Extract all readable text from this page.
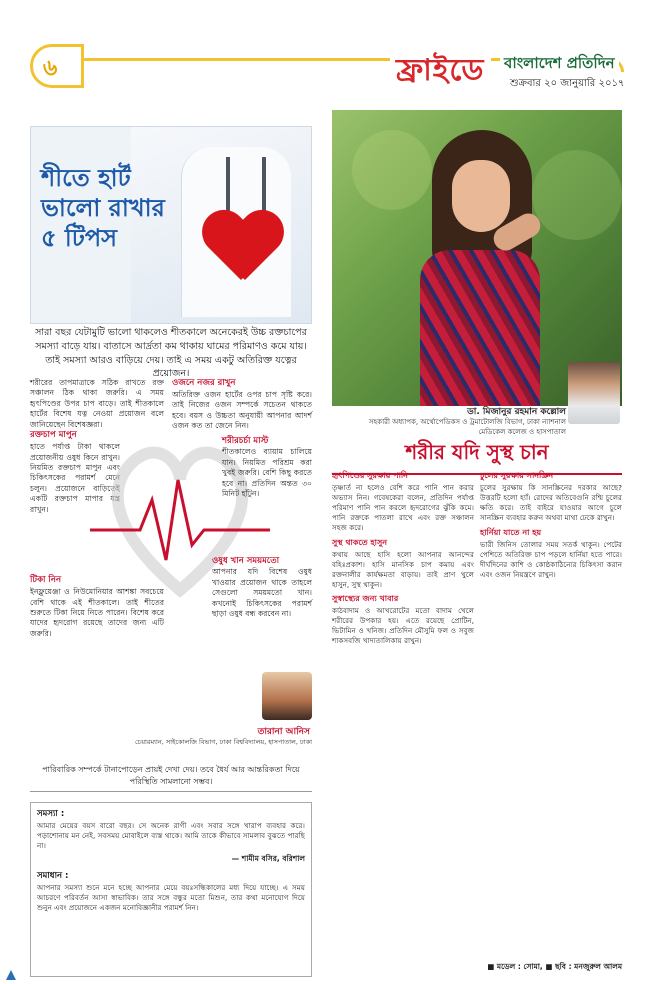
৬	ফ্রাইডে	বাংলাদেশ প্রতিদিন
শুক্রবার ২০ জানুয়ারি ২০১৭
শীতে হার্ট ভালো রাখার ৫ টিপস
সারা বছর যেটামুটি ভালো থাকলেও শীতকালে অনেকেরই উচ্চ রক্তচাপের সমস্যা বাড়ে যায়। বাতাসে আর্দ্রতা কম থাকায় ঘামের পরিমাণও কমে যায়। তাই সমস্যা আরও বাড়িয়ে দেয়। তাই এ সময় একটু অতিরিক্ত যত্নের প্রয়োজন।

শরীরের তাপমাত্রাকে সঠিক রাখতে রক্ত সঞ্চালন ঠিক থাকা জরুরি। এ সময় হৃৎপিণ্ডের উপর চাপ বাড়ে। তাই শীতকালে হার্টের বিশেষ যত্ন নেওয়া প্রয়োজন বলে জানিয়েছেন বিশেষজ্ঞরা।

রক্তচাপ মাপুন

হাতে পর্যাপ্ত টাকা থাকলে প্রয়োজনীয় ওষুধ কিনে রাখুন। নিয়মিত রক্তচাপ মাপুন এবং চিকিৎসকের পরামর্শ মেনে চলুন। প্রয়োজনে বাড়িতেই একটি রক্তচাপ মাপার যন্ত্র রাখুন।

টিকা নিন

ইনফ্লুয়েঞ্জা ও নিউমোনিয়ার আশঙ্কা সবচেয়ে বেশি থাকে এই শীতকালে। তাই শীতের শুরুতে টিকা নিয়ে নিতে পারেন। বিশেষ করে যাদের হৃদরোগ রয়েছে তাদের জন্য এটি জরুরি।

ওজনে নজর রাখুন

অতিরিক্ত ওজন হার্টের ওপর চাপ সৃষ্টি করে। তাই নিজের ওজন সম্পর্কে সচেতন থাকতে হবে। বয়স ও উচ্চতা অনুযায়ী আপনার আদর্শ ওজন কত তা জেনে নিন।

শরীরচর্চা মাস্ট

শীতকালেও ব্যায়াম চালিয়ে যান। নিয়মিত পরিশ্রম করা খুবই জরুরি। বেশি কিছু করতে হবে না। প্রতিদিন অন্তত ৩০ মিনিট হাঁটুন।

ওষুধ খান সময়মতো

আপনার যদি বিশেষ ওষুধ খাওয়ার প্রয়োজন থাকে তাহলে সেগুলো সময়মতো খান। কখনোই চিকিৎসকের পরামর্শ ছাড়া ওষুধ বন্ধ করবেন না।

তারানা আনিস
চেয়ারম্যান, সাইকোলজি বিভাগ, ঢাকা বিশ্ববিদ্যালয়, হাসপাতাল, ঢাকা
পারিবারিক সম্পর্কে টানাপোড়েন প্রায়ই দেখা দেয়। তবে ধৈর্য আর আন্তরিকতা দিয়ে পরিস্থিতি সামলানো সম্ভব।

সমস্যা :

আমার মেয়ের বয়স বারো বছর। সে অনেক রাগী এবং সবার সঙ্গে খারাপ ব্যবহার করে। পড়াশোনায় মন নেই, সবসময় মোবাইলে ব্যস্ত থাকে। আমি তাকে কীভাবে সামলাব বুঝতে পারছি না।

— শামীম বসির, বরিশাল

সমাধান :

আপনার সমস্যা শুনে মনে হচ্ছে আপনার মেয়ে বয়ঃসন্ধিকালের মধ্য দিয়ে যাচ্ছে। এ সময় আচরণে পরিবর্তন আসা স্বাভাবিক। তার সঙ্গে বন্ধুর মতো মিশুন, তার কথা মনোযোগ দিয়ে শুনুন এবং প্রয়োজনে একজন মনোবিজ্ঞানীর পরামর্শ নিন।

ডা. মিজানুর রহমান কল্লোল
সহকারী অধ্যাপক, অর্থোপেডিকস ও ট্রমাটোলজি বিভাগ, ঢাকা ন্যাশনাল মেডিকেল কলেজ ও হাসপাতাল
শরীর যদি সুস্থ চান

হৃৎপিণ্ডের সুরক্ষায় পানি

তৃষ্ণার্ত না হলেও বেশি করে পানি পান করার অভ্যাস নিন। গবেষকেরা বলেন, প্রতিদিন পর্যাপ্ত পরিমাণ পানি পান করলে হৃদরোগের ঝুঁকি কমে। পানি রক্তকে পাতলা রাখে এবং রক্ত সঞ্চালন সহজ করে।

সুস্থ থাকতে হাসুন

কথায় আছে হাসি হলো আপনার আনন্দের বহিঃপ্রকাশ। হাসি মানসিক চাপ কমায় এবং রক্তনালীর কার্যক্ষমতা বাড়ায়। তাই প্রাণ খুলে হাসুন, সুস্থ থাকুন।

সুস্বাস্থ্যের জন্য খাবার

কাঠবাদাম ও আখরোটের মতো বাদাম খেলে শরীরের উপকার হয়। এতে রয়েছে প্রোটিন, ভিটামিন ও খনিজ। প্রতিদিন মৌসুমি ফল ও সবুজ শাকসবজি খাদ্যতালিকায় রাখুন।

চুলের সুরক্ষায় সানস্ক্রিন

চুলের সুরক্ষায় কি সানস্ক্রিনের দরকার আছে? উত্তরটি হলো হ্যাঁ। রোদের অতিবেগুনি রশ্মি চুলের ক্ষতি করে। তাই বাইরে যাওয়ার আগে চুলে সানস্ক্রিন ব্যবহার করুন অথবা মাথা ঢেকে রাখুন।

হার্নিয়া যাতে না হয়

ভারী জিনিস তোলার সময় সতর্ক থাকুন। পেটের পেশিতে অতিরিক্ত চাপ পড়লে হার্নিয়া হতে পারে। দীর্ঘদিনের কাশি ও কোষ্ঠকাঠিন্যের চিকিৎসা করান এবং ওজন নিয়ন্ত্রণে রাখুন।

■ মডেল : সোমা, ■ ছবি : মনজুরুল আলম
